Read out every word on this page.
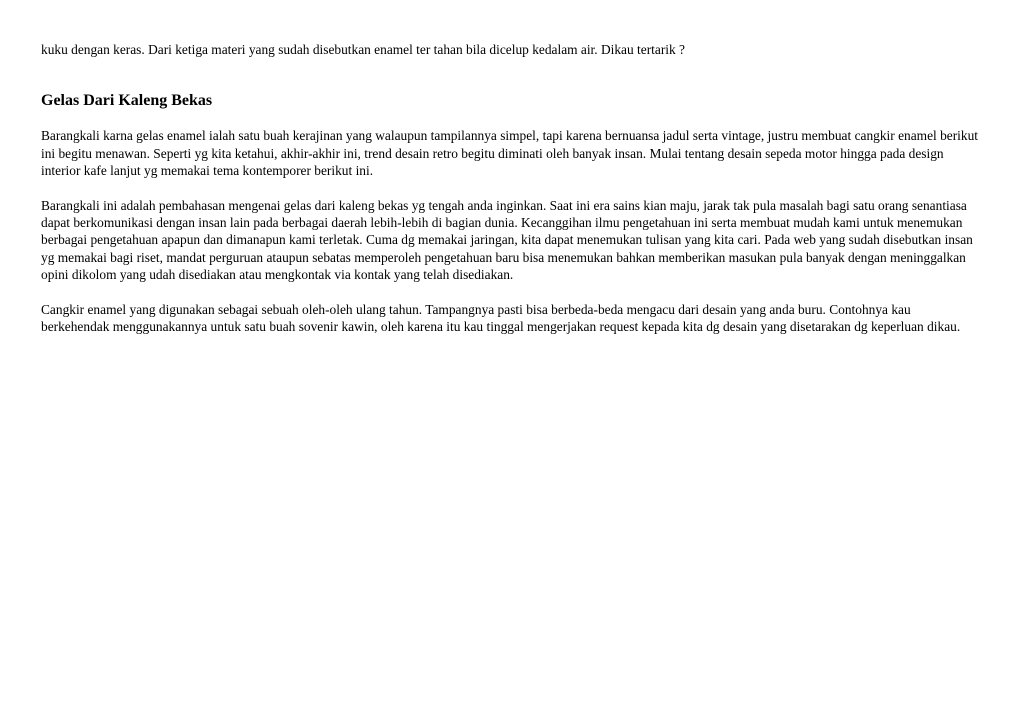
kuku dengan keras. Dari ketiga materi yang sudah disebutkan enamel ter tahan bila dicelup kedalam air. Dikau tertarik ?

Gelas Dari Kaleng Bekas

Barangkali karna gelas enamel ialah satu buah kerajinan yang walaupun tampilannya simpel, tapi karena bernuansa jadul serta vintage, justru membuat cangkir enamel berikut ini begitu menawan. Seperti yg kita ketahui, akhir-akhir ini, trend desain retro begitu diminati oleh banyak insan. Mulai tentang desain sepeda motor hingga pada design interior kafe lanjut yg memakai tema kontemporer berikut ini.

Barangkali ini adalah pembahasan mengenai gelas dari kaleng bekas yg tengah anda inginkan. Saat ini era sains kian maju, jarak tak pula masalah bagi satu orang senantiasa dapat berkomunikasi dengan insan lain pada berbagai daerah lebih-lebih di bagian dunia. Kecanggihan ilmu pengetahuan ini serta membuat mudah kami untuk menemukan berbagai pengetahuan apapun dan dimanapun kami terletak. Cuma dg memakai jaringan, kita dapat menemukan tulisan yang kita cari. Pada web yang sudah disebutkan insan yg memakai bagi riset, mandat perguruan ataupun sebatas memperoleh pengetahuan baru bisa menemukan bahkan memberikan masukan pula banyak dengan meninggalkan opini dikolom yang udah disediakan atau mengkontak via kontak yang telah disediakan.

Cangkir enamel yang digunakan sebagai sebuah oleh-oleh ulang tahun. Tampangnya pasti bisa berbeda-beda mengacu dari desain yang anda buru. Contohnya kau berkehendak menggunakannya untuk satu buah sovenir kawin, oleh karena itu kau tinggal mengerjakan request kepada kita dg desain yang disetarakan dg keperluan dikau.
